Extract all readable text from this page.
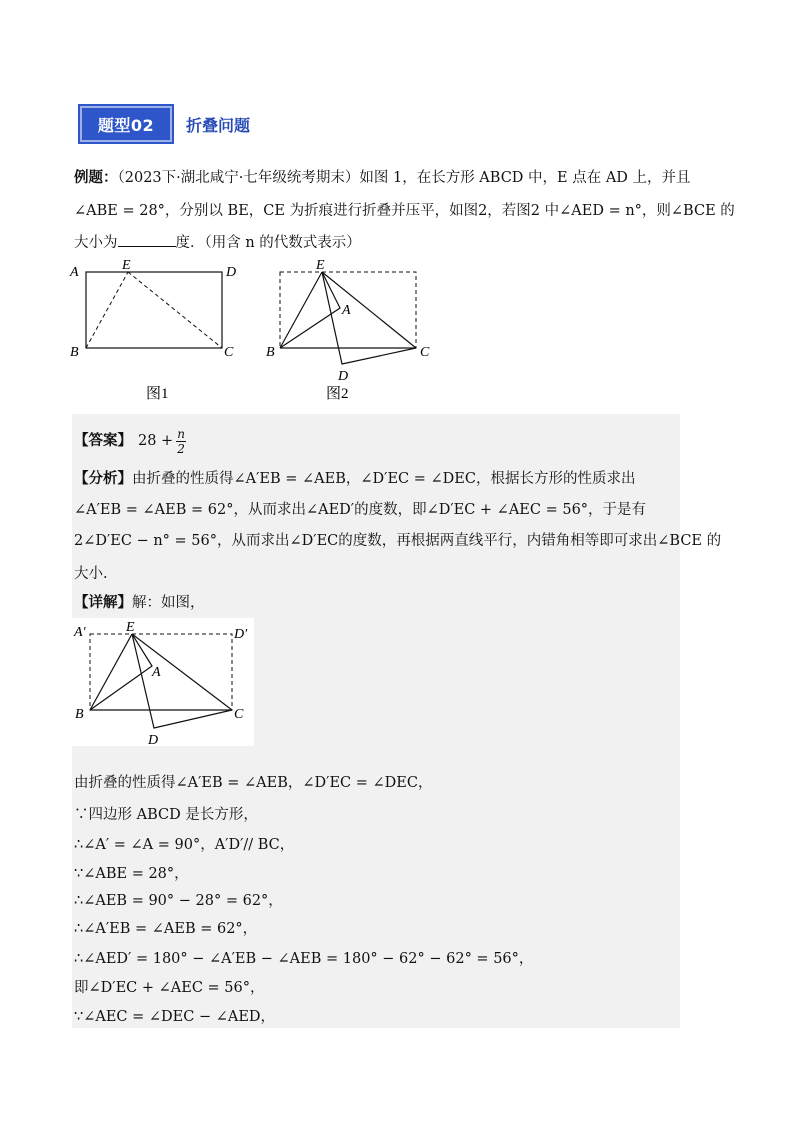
题型02	折叠问题
例题：（2023下·湖北咸宁·七年级统考期末）如图 1，在长方形 ABCD 中，E 点在 AD 上，并且
∠ABE = 28°，分别以 BE，CE 为折痕进行折叠并压平，如图2，若图2 中∠AED = n°，则∠BCE 的
大小为	度．（用含 n 的代数式表示）
A	E	D
B	C
图1
E
A
B	C
D
图2
【答案】 $28 + \frac{n}{2}$
【分析】由折叠的性质得∠A′EB = ∠AEB，∠D′EC = ∠DEC，根据长方形的性质求出
∠A′EB = ∠AEB = 62°，从而求出∠AED′的度数，即∠D′EC + ∠AEC = 56°，于是有
2∠D′EC − n° = 56°，从而求出∠D′EC的度数，再根据两直线平行，内错角相等即可求出∠BCE 的
大小.
【详解】解：如图，
A′	E	D′
A
B	C
D
由折叠的性质得∠A′EB = ∠AEB，∠D′EC = ∠DEC，
∵四边形 ABCD 是长方形，
∴∠A′ = ∠A = 90°，A′D′// BC，
∵∠ABE = 28°，
∴∠AEB = 90° − 28° = 62°，
∴∠A′EB = ∠AEB = 62°，
∴∠AED′ = 180° − ∠A′EB − ∠AEB = 180° − 62° − 62° = 56°，
即∠D′EC + ∠AEC = 56°，
∵∠AEC = ∠DEC − ∠AED，
